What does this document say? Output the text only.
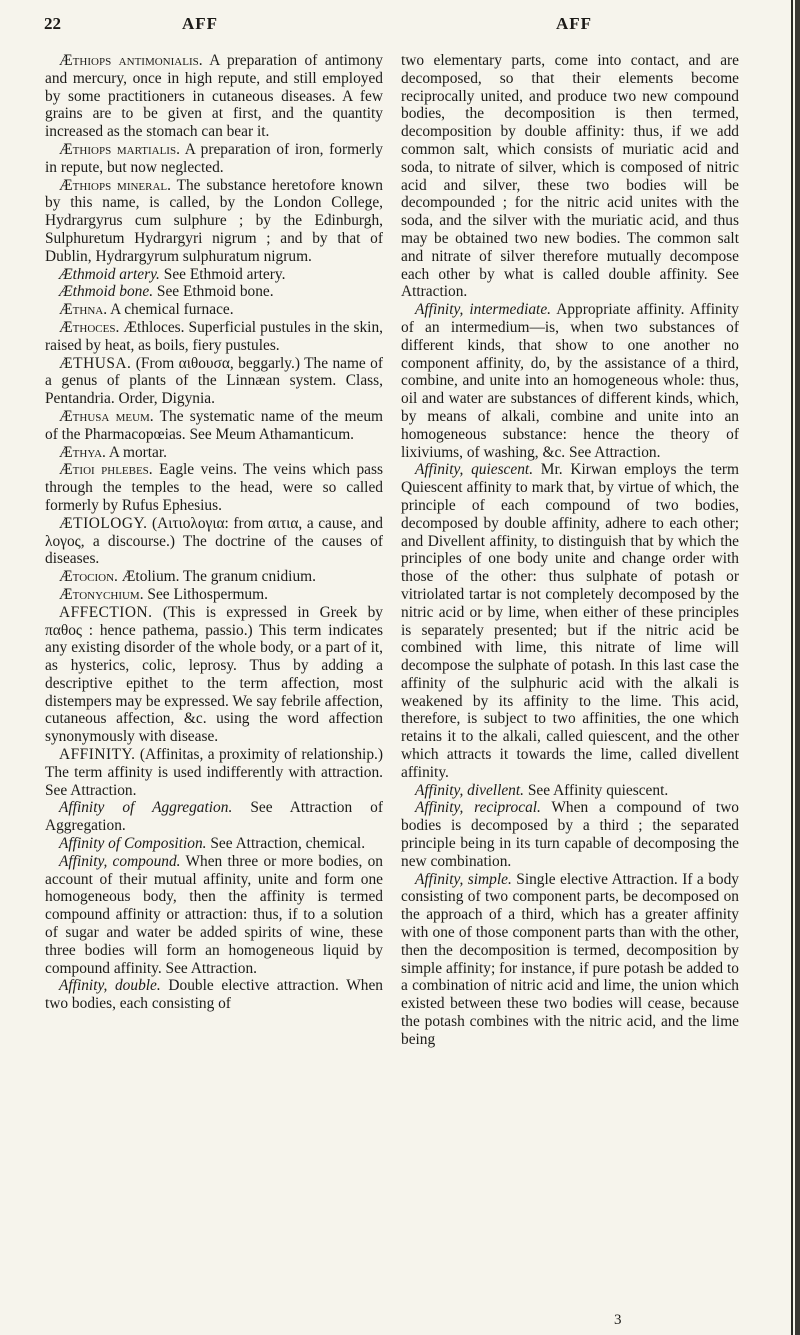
22	AFF	AFF

Æthiops antimonialis. A preparation of antimony and mercury, once in high repute, and still employed by some practitioners in cutaneous diseases. A few grains are to be given at first, and the quantity increased as the stomach can bear it.

Æthiops martialis. A preparation of iron, formerly in repute, but now neglected.

Æthiops mineral. The substance heretofore known by this name, is called, by the London College, Hydrargyrus cum sulphure ; by the Edinburgh, Sulphuretum Hydrargyri nigrum ; and by that of Dublin, Hydrargyrum sulphuratum nigrum.

Æthmoid artery. See Ethmoid artery.

Æthmoid bone. See Ethmoid bone.

Æthna. A chemical furnace.

Æthoces. Æthloces. Superficial pustules in the skin, raised by heat, as boils, fiery pustules.

ÆTHUSA. (From αιθουσα, beggarly.) The name of a genus of plants of the Linnæan system. Class, Pentandria. Order, Digynia.

Æthusa meum. The systematic name of the meum of the Pharmacopœias. See Meum Athamanticum.

Æthya. A mortar.

Ætioi phlebes. Eagle veins. The veins which pass through the temples to the head, were so called formerly by Rufus Ephesius.

ÆTIOLOGY. (Αιτιολογια: from αιτια, a cause, and λογος, a discourse.) The doctrine of the causes of diseases.

Ætocion. Ætolium. The granum cnidium.

Ætonychium. See Lithospermum.

AFFECTION. (This is expressed in Greek by παθος : hence pathema, passio.) This term indicates any existing disorder of the whole body, or a part of it, as hysterics, colic, leprosy. Thus by adding a descriptive epithet to the term affection, most distempers may be expressed. We say febrile affection, cutaneous affection, &c. using the word affection synonymously with disease.

AFFINITY. (Affinitas, a proximity of relationship.) The term affinity is used indifferently with attraction. See Attraction.

Affinity of Aggregation. See Attraction of Aggregation.

Affinity of Composition. See Attraction, chemical.

Affinity, compound. When three or more bodies, on account of their mutual affinity, unite and form one homogeneous body, then the affinity is termed compound affinity or attraction: thus, if to a solution of sugar and water be added spirits of wine, these three bodies will form an homogeneous liquid by compound affinity. See Attraction.

Affinity, double. Double elective attraction. When two bodies, each consisting of

two elementary parts, come into contact, and are decomposed, so that their elements become reciprocally united, and produce two new compound bodies, the decomposition is then termed, decomposition by double affinity: thus, if we add common salt, which consists of muriatic acid and soda, to nitrate of silver, which is composed of nitric acid and silver, these two bodies will be decompounded ; for the nitric acid unites with the soda, and the silver with the muriatic acid, and thus may be obtained two new bodies. The common salt and nitrate of silver therefore mutually decompose each other by what is called double affinity. See Attraction.

Affinity, intermediate. Appropriate affinity. Affinity of an intermedium—is, when two substances of different kinds, that show to one another no component affinity, do, by the assistance of a third, combine, and unite into an homogeneous whole: thus, oil and water are substances of different kinds, which, by means of alkali, combine and unite into an homogeneous substance: hence the theory of lixiviums, of washing, &c. See Attraction.

Affinity, quiescent. Mr. Kirwan employs the term Quiescent affinity to mark that, by virtue of which, the principle of each compound of two bodies, decomposed by double affinity, adhere to each other; and Divellent affinity, to distinguish that by which the principles of one body unite and change order with those of the other: thus sulphate of potash or vitriolated tartar is not completely decomposed by the nitric acid or by lime, when either of these principles is separately presented; but if the nitric acid be combined with lime, this nitrate of lime will decompose the sulphate of potash. In this last case the affinity of the sulphuric acid with the alkali is weakened by its affinity to the lime. This acid, therefore, is subject to two affinities, the one which retains it to the alkali, called quiescent, and the other which attracts it towards the lime, called divellent affinity.

Affinity, divellent. See Affinity quiescent.

Affinity, reciprocal. When a compound of two bodies is decomposed by a third ; the separated principle being in its turn capable of decomposing the new combination.

Affinity, simple. Single elective Attraction. If a body consisting of two component parts, be decomposed on the approach of a third, which has a greater affinity with one of those component parts than with the other, then the decomposition is termed, decomposition by simple affinity; for instance, if pure potash be added to a combination of nitric acid and lime, the union which existed between these two bodies will cease, because the potash combines with the nitric acid, and the lime being

3
